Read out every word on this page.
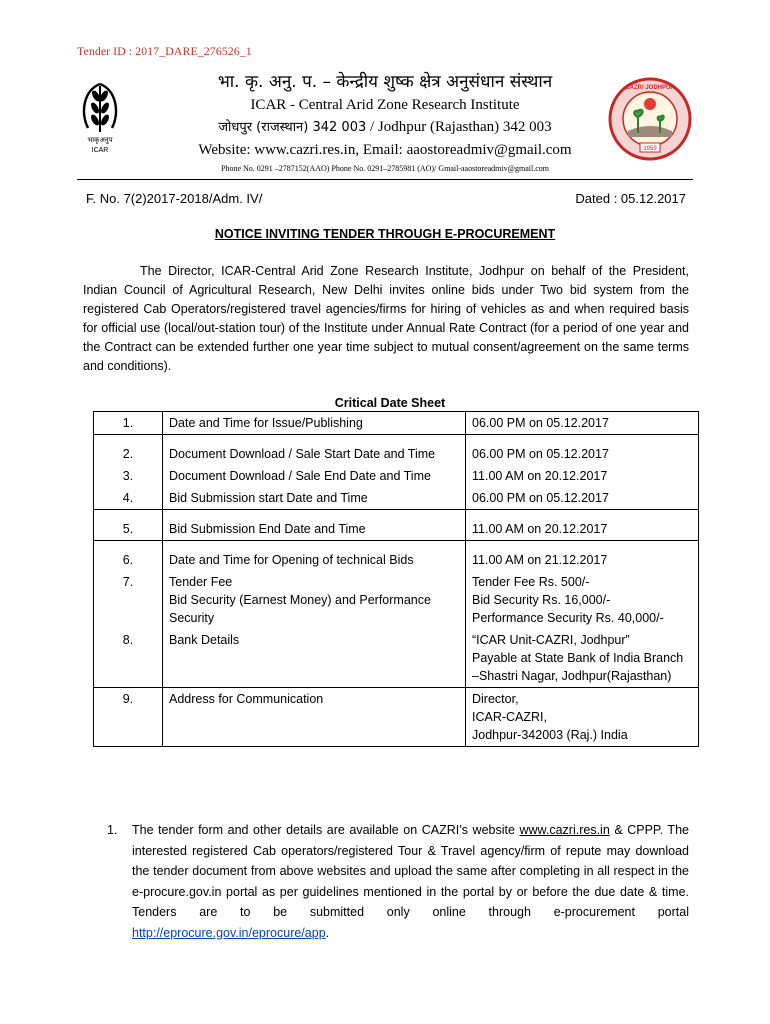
Tender ID : 2017_DARE_276526_1
भाकृअनुप
ICAR
CAZRI JODHPUR
1959
भा. कृ. अनु. प. – केन्द्रीय शुष्क क्षेत्र अनुसंधान संस्थान
ICAR - Central Arid Zone Research Institute
जोधपुर (राजस्थान) 342 003 / Jodhpur (Rajasthan) 342 003
Website: www.cazri.res.in, Email: aaostoreadmiv@gmail.com
Phone No. 0291 –2787152(AAO) Phone No. 0291–2785981 (AO)/ Gmail-aaostoreadmiv@gmail.com
F. No. 7(2)2017-2018/Adm. IV/	Dated : 05.12.2017
NOTICE INVITING TENDER THROUGH E-PROCUREMENT

The Director, ICAR-Central Arid Zone Research Institute, Jodhpur on behalf of the President, Indian Council of Agricultural Research, New Delhi invites online bids under Two bid system from the registered Cab Operators/registered travel agencies/firms for hiring of vehicles as and when required basis for official use (local/out-station tour) of the Institute under Annual Rate Contract (for a period of one year and the Contract can be extended further one year time subject to mutual consent/agreement on the same terms and conditions).

Critical Date Sheet
1.	Date and Time for Issue/Publishing	06.00 PM on 05.12.2017
2.	Document Download / Sale Start Date and Time	06.00 PM on 05.12.2017
3.	Document Download / Sale End Date and Time	11.00 AM on 20.12.2017
4.	Bid Submission start Date and Time	06.00 PM on 05.12.2017
5.	Bid Submission End Date and Time	11.00 AM on 20.12.2017
6.	Date and Time for Opening of technical Bids	11.00 AM on 21.12.2017
7.	Tender Fee
Bid Security (Earnest Money) and Performance Security	Tender Fee Rs. 500/-
Bid Security Rs. 16,000/-
Performance Security Rs. 40,000/-
8.	Bank Details	“ICAR Unit-CAZRI, Jodhpur”
Payable at State Bank of India Branch –Shastri Nagar, Jodhpur(Rajasthan)
9.	Address for Communication	Director,
ICAR-CAZRI,
Jodhpur-342003 (Raj.) India
1. The tender form and other details are available on CAZRI’s website www.cazri.res.in & CPPP. The interested registered Cab operators/registered Tour & Travel agency/firm of repute may download the tender document from above websites and upload the same after completing in all respect in the e-procure.gov.in portal as per guidelines mentioned in the portal by or before the due date & time. Tenders are to be submitted only online through e-procurement portal http://eprocure.gov.in/eprocure/app.
